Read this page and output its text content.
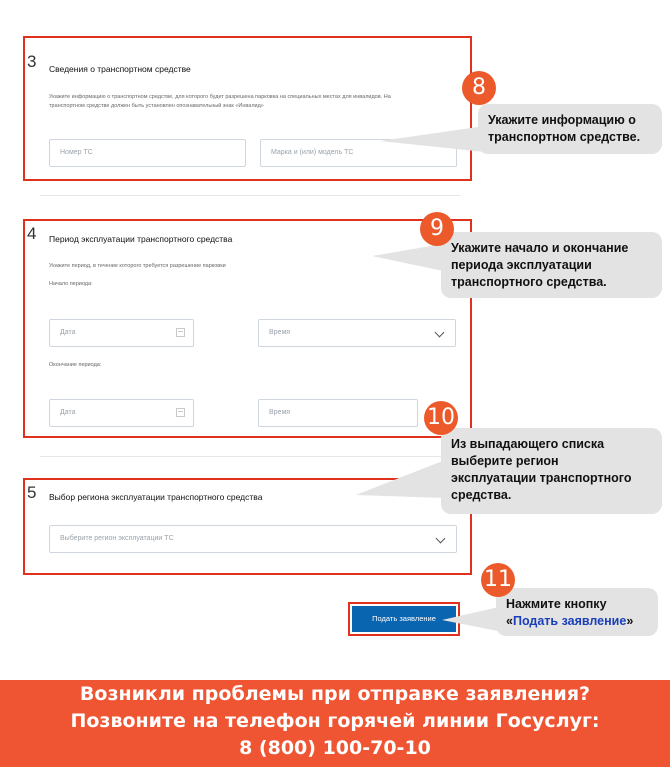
3 Сведения о транспортном средстве
Укажите информацию о транспортном средстве, для которого будет разрешена парковка на специальных местах для инвалидов. На
транспортном средстве должен быть установлен опознавательный знак «Инвалид»
Номер ТС	Марка и (или) модель ТС
4 Период эксплуатации транспортного средства
Укажите период, в течение которого требуется разрешение парковки
Начало периода:
Дата	Время
Окончание периода:
Дата	Время
5 Выбор региона эксплуатации транспортного средства
Выберите регион эксплуатации ТС
Подать заявление
Укажите информацию о
транспортном средстве.
8
Укажите начало и окончание
периода эксплуатации
транспортного средства.
9
Из выпадающего списка
выберите регион
эксплуатации транспортного
средства.
10
Нажмите кнопку
«Подать заявление»
11
Возникли проблемы при отправке заявления?
Позвоните на телефон горячей линии Госуслуг:
8 (800) 100-70-10
